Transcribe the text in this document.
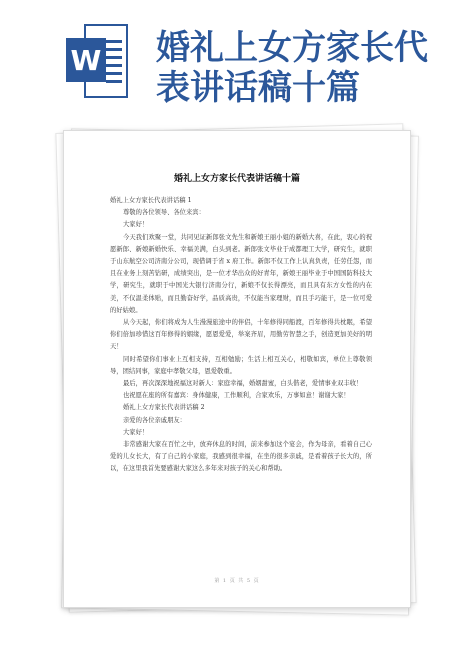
W 婚礼上女方家长代
表讲话稿十篇
婚礼上女方家长代表讲话稿十篇

婚礼上女方家长代表讲话稿 1

尊敬的各位领导、各位来宾：

大家好！

今天我们欢聚一堂，共同见证新郎张文先生和新娘王丽小姐的新婚大喜，在此，衷心的祝愿新郎、新娘新婚快乐、幸福美满，白头到老。新郎张文毕业于成都理工大学，研究生，就职于山东航空公司济南分公司，现借调于省 x 府工作。新郎不仅工作上认真负责，任劳任怨，而且在业务上刻苦钻研，成绩突出，是一位才华出众的好青年，新娘王丽毕业于中国国防科技大学，研究生，就职于中国光大银行济南分行，新娘不仅长得漂亮，而且具有东方女性的内在美，不仅温柔体贴，而且勤奋好学，品质高贵，不仅能当家理财，而且手巧能干，是一位可爱的好姑娘。

从今天起，你们将成为人生漫漫旅途中的伴侣，十年修得同船渡，百年修得共枕眠，希望你们倍加珍惜这百年修得的姻缘，愿恩爱爱，举案齐眉，用勤劳智慧之手，创造更加美好的明天！

同时希望你们事业上互相支持，互相勉励；生活上相互关心，相敬如宾，单位上尊敬领导，团结同事，家庭中孝敬父母，恩爱敬重。

最后，再次深深地祝福这对新人：家庭幸福，婚姻甜蜜，白头偕老，爱情事业双丰收！

也祝愿在座的所有嘉宾：身体健康，工作顺利，合家欢乐，万事如意！谢谢大家！

婚礼上女方家长代表讲话稿 2

亲爱的各位亲戚朋友：

大家好！

非常感谢大家在百忙之中，放弃休息的时间，前来参加这个宴会，作为母亲，看着自己心爱的儿女长大，有了自己的小家庭，我感到很幸福，在坐的很多亲戚，是看着孩子长大的，所以，在这里我首先要感谢大家这么多年来对孩子的关心和帮助。

第 1 页 共 5 页
